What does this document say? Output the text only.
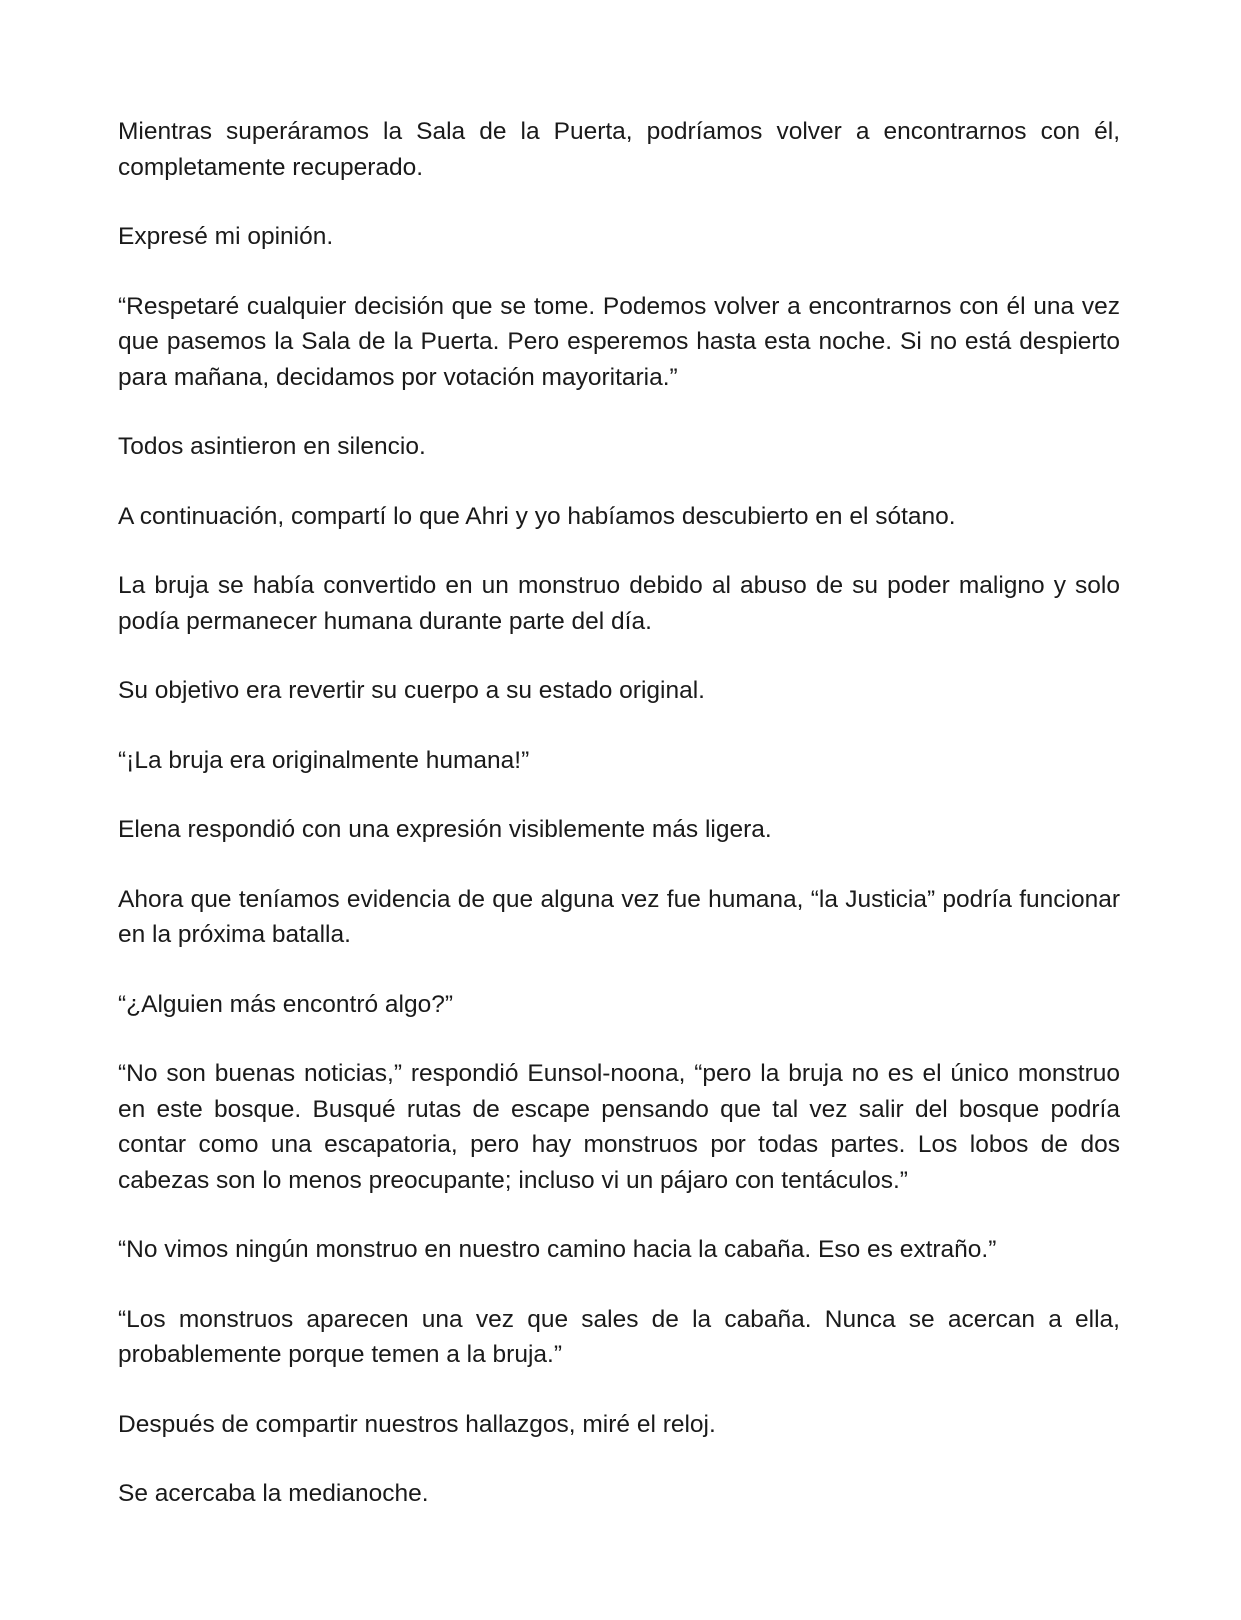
Mientras superáramos la Sala de la Puerta, podríamos volver a encontrarnos con él, completamente recuperado.

Expresé mi opinión.

“Respetaré cualquier decisión que se tome. Podemos volver a encontrarnos con él una vez que pasemos la Sala de la Puerta. Pero esperemos hasta esta noche. Si no está despierto para mañana, decidamos por votación mayoritaria.”

Todos asintieron en silencio.

A continuación, compartí lo que Ahri y yo habíamos descubierto en el sótano.

La bruja se había convertido en un monstruo debido al abuso de su poder maligno y solo podía permanecer humana durante parte del día.

Su objetivo era revertir su cuerpo a su estado original.

“¡La bruja era originalmente humana!”

Elena respondió con una expresión visiblemente más ligera.

Ahora que teníamos evidencia de que alguna vez fue humana, “la Justicia” podría funcionar en la próxima batalla.

“¿Alguien más encontró algo?”

“No son buenas noticias,” respondió Eunsol-noona, “pero la bruja no es el único monstruo en este bosque. Busqué rutas de escape pensando que tal vez salir del bosque podría contar como una escapatoria, pero hay monstruos por todas partes. Los lobos de dos cabezas son lo menos preocupante; incluso vi un pájaro con tentáculos.”

“No vimos ningún monstruo en nuestro camino hacia la cabaña. Eso es extraño.”

“Los monstruos aparecen una vez que sales de la cabaña. Nunca se acercan a ella, probablemente porque temen a la bruja.”

Después de compartir nuestros hallazgos, miré el reloj.

Se acercaba la medianoche.
